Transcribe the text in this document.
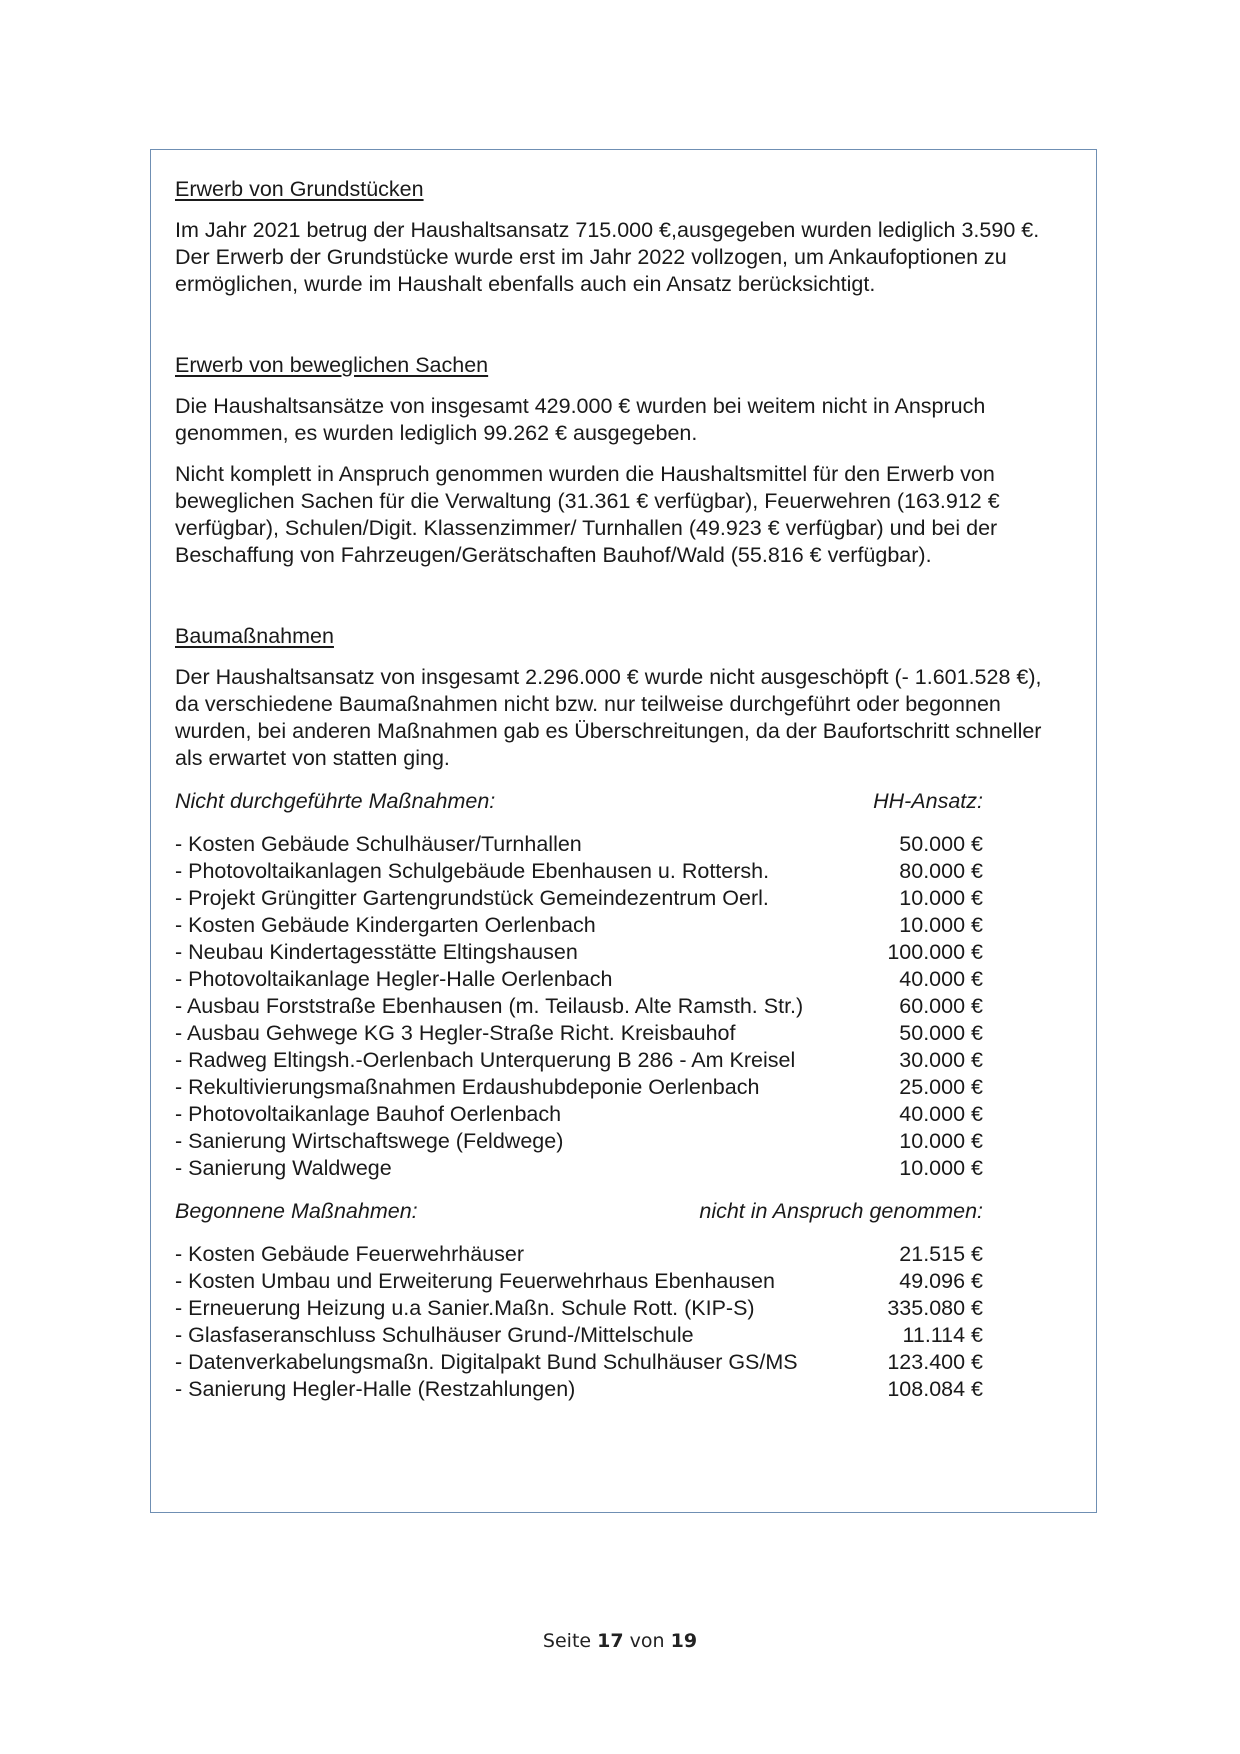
Erwerb von Grundstücken

Im Jahr 2021 betrug der Haushaltsansatz 715.000 €,ausgegeben wurden lediglich 3.590 €. Der Erwerb der Grundstücke wurde erst im Jahr 2022 vollzogen, um Ankaufoptionen zu ermöglichen, wurde im Haushalt ebenfalls auch ein Ansatz berücksichtigt.

Erwerb von beweglichen Sachen

Die Haushaltsansätze von insgesamt 429.000 € wurden bei weitem nicht in Anspruch genommen, es wurden lediglich 99.262 € ausgegeben.

Nicht komplett in Anspruch genommen wurden die Haushaltsmittel für den Erwerb von beweglichen Sachen für die Verwaltung (31.361 € verfügbar), Feuerwehren (163.912 € verfügbar), Schulen/Digit. Klassenzimmer/ Turnhallen (49.923 € verfügbar) und bei der Beschaffung von Fahrzeugen/Gerätschaften Bauhof/Wald (55.816 € verfügbar).

Baumaßnahmen

Der Haushaltsansatz von insgesamt 2.296.000 € wurde nicht ausgeschöpft (- 1.601.528 €), da verschiedene Baumaßnahmen nicht bzw. nur teilweise durchgeführt oder begonnen wurden, bei anderen Maßnahmen gab es Überschreitungen, da der Baufortschritt schneller als erwartet von statten ging.

Nicht durchgeführte Maßnahmen:	HH-Ansatz:
- Kosten Gebäude Schulhäuser/Turnhallen	50.000 €
- Photovoltaikanlagen Schulgebäude Ebenhausen u. Rottersh.	80.000 €
- Projekt Grüngitter Gartengrundstück Gemeindezentrum Oerl.	10.000 €
- Kosten Gebäude Kindergarten Oerlenbach	10.000 €
- Neubau Kindertagesstätte Eltingshausen	100.000 €
- Photovoltaikanlage Hegler-Halle Oerlenbach	40.000 €
- Ausbau Forststraße Ebenhausen (m. Teilausb. Alte Ramsth. Str.)	60.000 €
- Ausbau Gehwege KG 3 Hegler-Straße Richt. Kreisbauhof	50.000 €
- Radweg Eltingsh.-Oerlenbach Unterquerung B 286 - Am Kreisel	30.000 €
- Rekultivierungsmaßnahmen Erdaushubdeponie Oerlenbach	25.000 €
- Photovoltaikanlage Bauhof Oerlenbach	40.000 €
- Sanierung Wirtschaftswege (Feldwege)	10.000 €
- Sanierung Waldwege	10.000 €
Begonnene Maßnahmen:	nicht in Anspruch genommen:
- Kosten Gebäude Feuerwehrhäuser	21.515 €
- Kosten Umbau und Erweiterung Feuerwehrhaus Ebenhausen	49.096 €
- Erneuerung Heizung u.a Sanier.Maßn. Schule Rott. (KIP-S)	335.080 €
- Glasfaseranschluss Schulhäuser Grund-/Mittelschule	11.114 €
- Datenverkabelungsmaßn. Digitalpakt Bund Schulhäuser GS/MS	123.400 €
- Sanierung Hegler-Halle (Restzahlungen)	108.084 €
Seite 17 von 19
